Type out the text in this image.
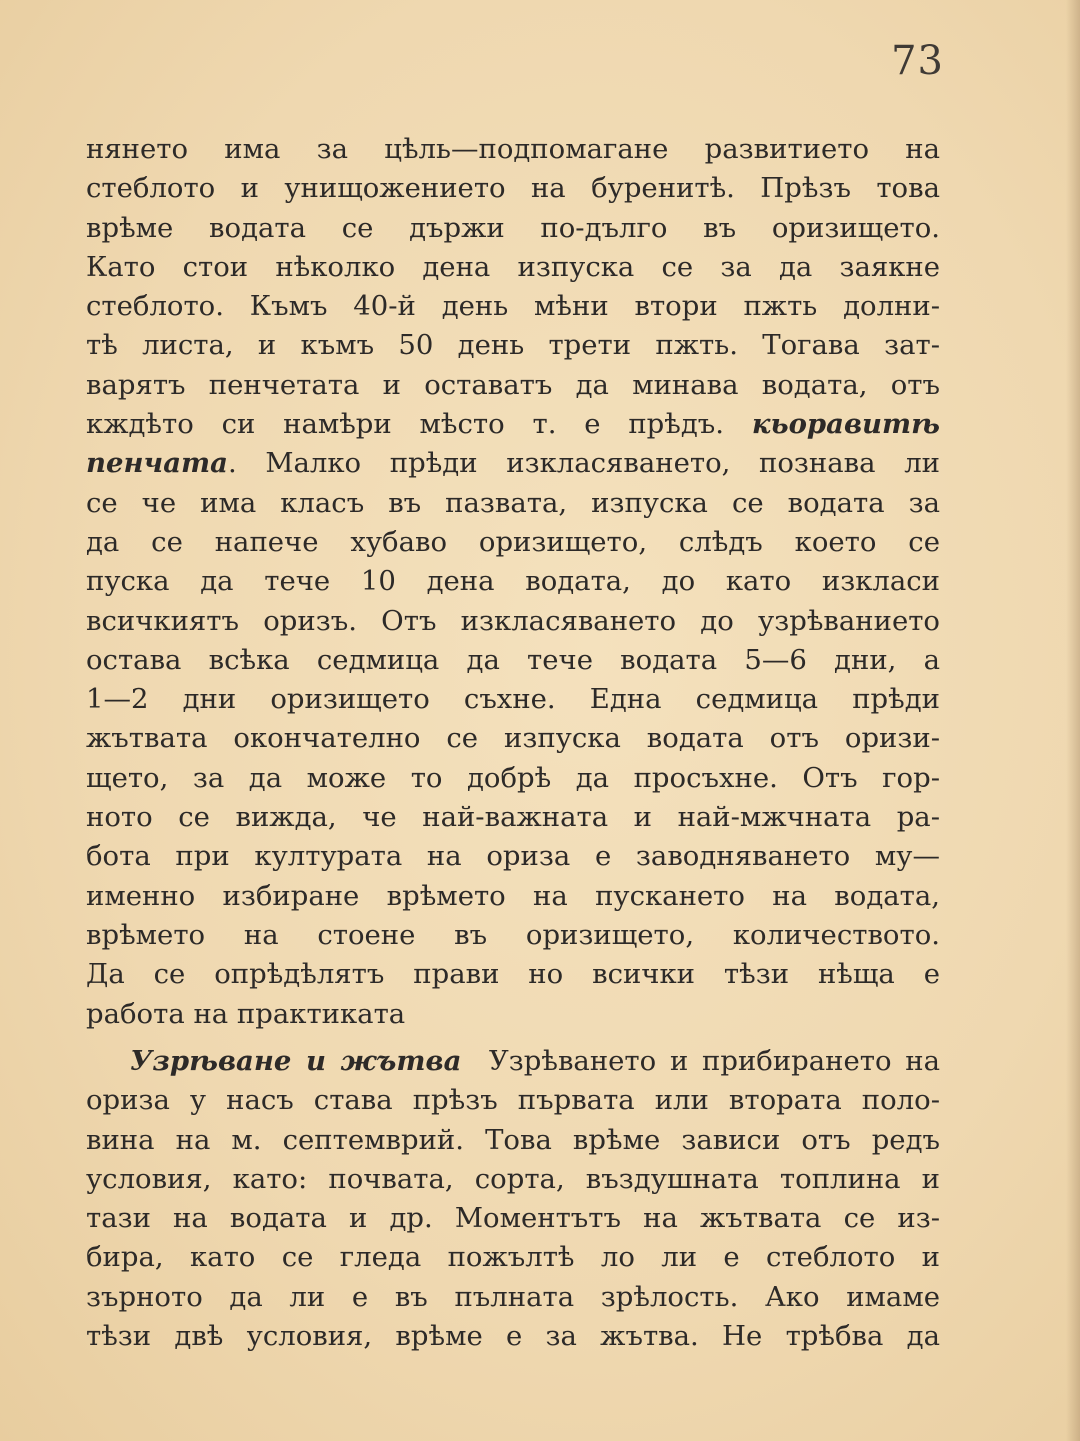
73
нянето има за цѣль—подпомагане развитието на
стеблото и унищожението на буренитѣ. Прѣзъ това
врѣме водата се държи по-дълго въ оризището.
Като стои нѣколко дена изпуска се за да заякне
стеблото. Къмъ 40-й день мѣни втори пжть долни-
тѣ листа, и къмъ 50 день трети пжть. Тогава зат-
варятъ пенчетата и оставатъ да минава водата, отъ
кждѣто си намѣри мѣсто т. е прѣдъ. кьоравитѣ
пенчата. Малко прѣди изкласяването, познава ли
се че има класъ въ пазвата, изпуска се водата за
да се напече хубаво оризището, слѣдъ което се
пуска да тече 10 дена водата, до като изкласи
всичкиятъ оризъ. Отъ изкласяването до узрѣванието
остава всѣка седмица да тече водата 5—6 дни, а
1—2 дни оризището съхне. Една седмица прѣди
жътвата окончателно се изпуска водата отъ оризи-
щето, за да може то добрѣ да просъхне. Отъ гор-
ното се вижда, че най-важната и най-мжчната ра-
бота при културата на ориза е заводняването му—
именно избиране врѣмето на пускането на водата,
врѣмето на стоене въ оризището, количеството.
Да се опрѣдѣлятъ прави но всички тѣзи нѣща е
работа на практиката
Узрѣване и жътва Узрѣването и прибирането на
ориза у насъ става прѣзъ първата или втората поло-
вина на м. септемврий. Това врѣме зависи отъ редъ
условия, като: почвата, сорта, въздушната топлина и
тази на водата и др. Моментътъ на жътвата се из-
бира, като се гледа пожълтѣ ло ли е стеблото и
зърното да ли е въ пълната зрѣлость. Ако имаме
тѣзи двѣ условия, врѣме е за жътва. Не трѣбва да
